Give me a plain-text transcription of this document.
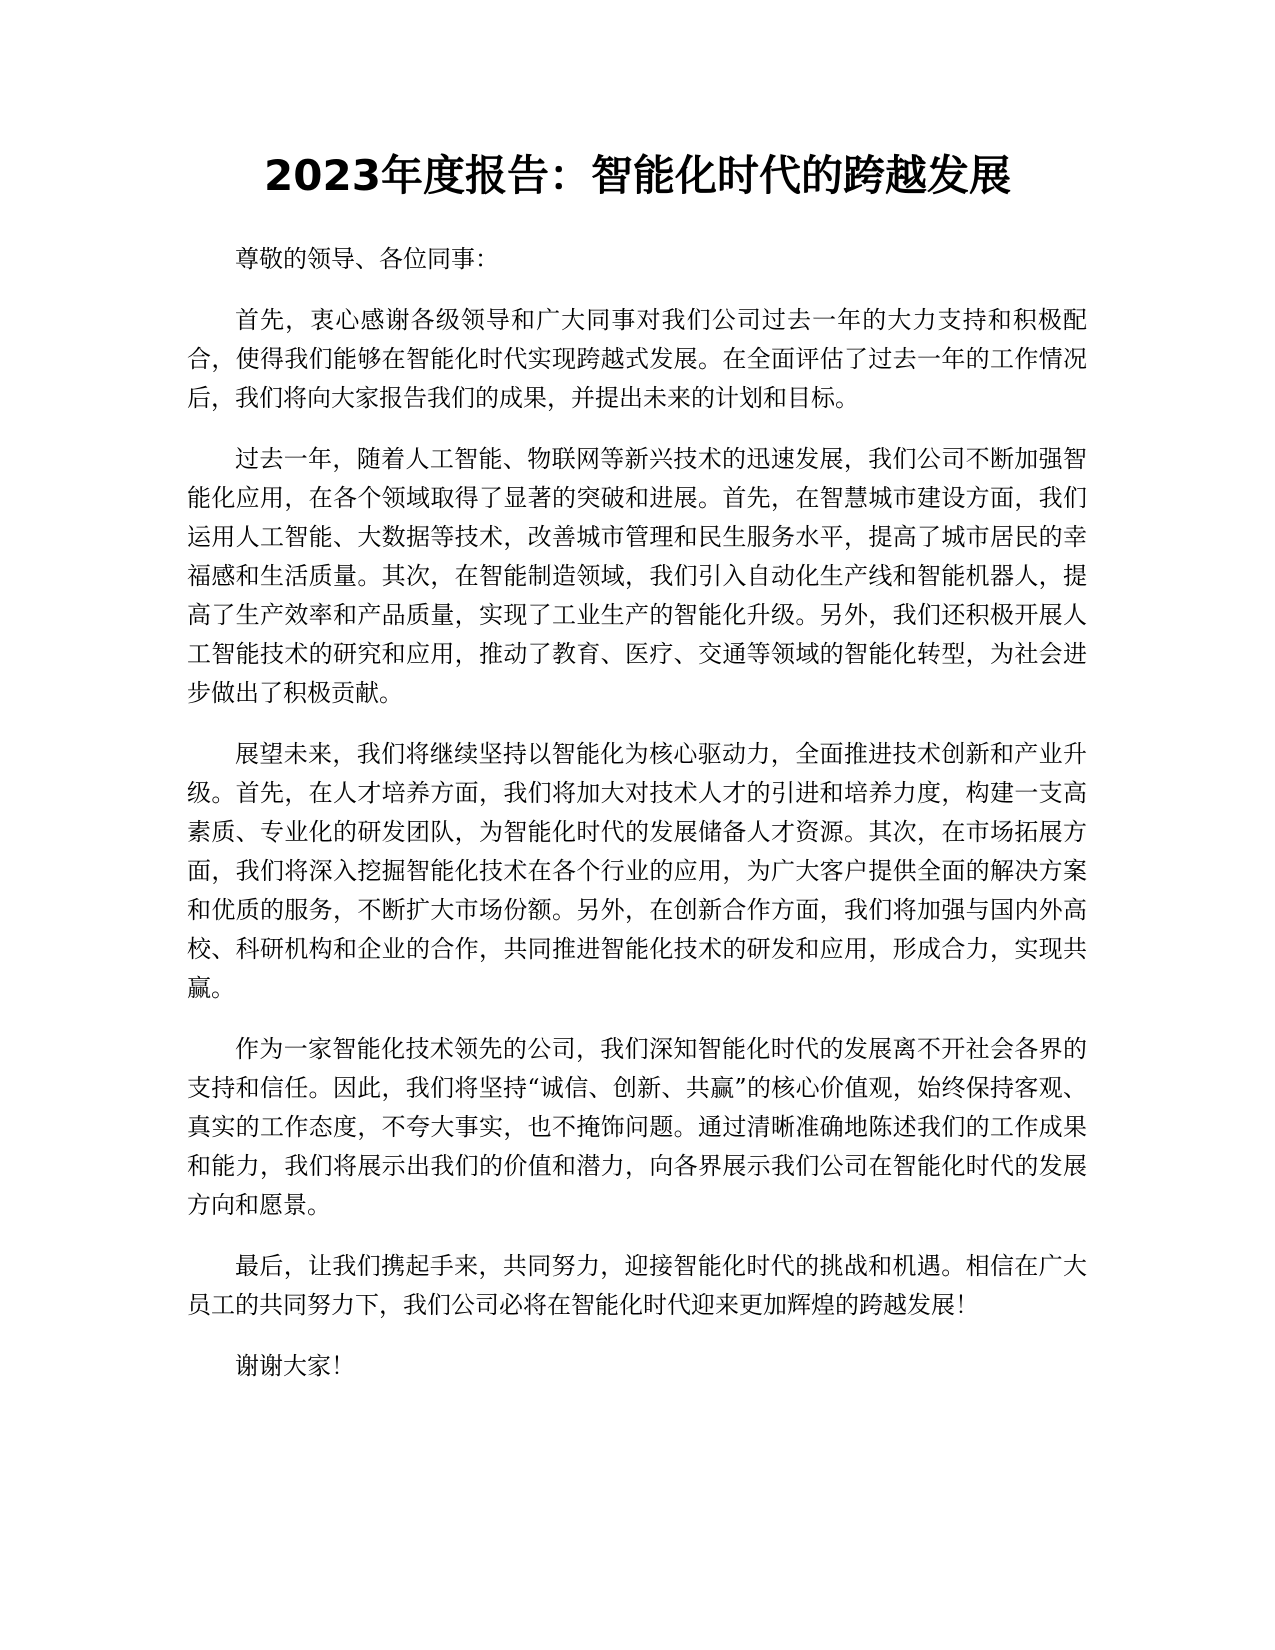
2023年度报告：智能化时代的跨越发展

尊敬的领导、各位同事：

首先，衷心感谢各级领导和广大同事对我们公司过去一年的大力支持和积极配合，使得我们能够在智能化时代实现跨越式发展。在全面评估了过去一年的工作情况后，我们将向大家报告我们的成果，并提出未来的计划和目标。

过去一年，随着人工智能、物联网等新兴技术的迅速发展，我们公司不断加强智能化应用，在各个领域取得了显著的突破和进展。首先，在智慧城市建设方面，我们运用人工智能、大数据等技术，改善城市管理和民生服务水平，提高了城市居民的幸福感和生活质量。其次，在智能制造领域，我们引入自动化生产线和智能机器人，提高了生产效率和产品质量，实现了工业生产的智能化升级。另外，我们还积极开展人工智能技术的研究和应用，推动了教育、医疗、交通等领域的智能化转型，为社会进步做出了积极贡献。

展望未来，我们将继续坚持以智能化为核心驱动力，全面推进技术创新和产业升级。首先，在人才培养方面，我们将加大对技术人才的引进和培养力度，构建一支高素质、专业化的研发团队，为智能化时代的发展储备人才资源。其次，在市场拓展方面，我们将深入挖掘智能化技术在各个行业的应用，为广大客户提供全面的解决方案和优质的服务，不断扩大市场份额。另外，在创新合作方面，我们将加强与国内外高校、科研机构和企业的合作，共同推进智能化技术的研发和应用，形成合力，实现共赢。

作为一家智能化技术领先的公司，我们深知智能化时代的发展离不开社会各界的支持和信任。因此，我们将坚持“诚信、创新、共赢”的核心价值观，始终保持客观、真实的工作态度，不夸大事实，也不掩饰问题。通过清晰准确地陈述我们的工作成果和能力，我们将展示出我们的价值和潜力，向各界展示我们公司在智能化时代的发展方向和愿景。

最后，让我们携起手来，共同努力，迎接智能化时代的挑战和机遇。相信在广大员工的共同努力下，我们公司必将在智能化时代迎来更加辉煌的跨越发展！

谢谢大家！
